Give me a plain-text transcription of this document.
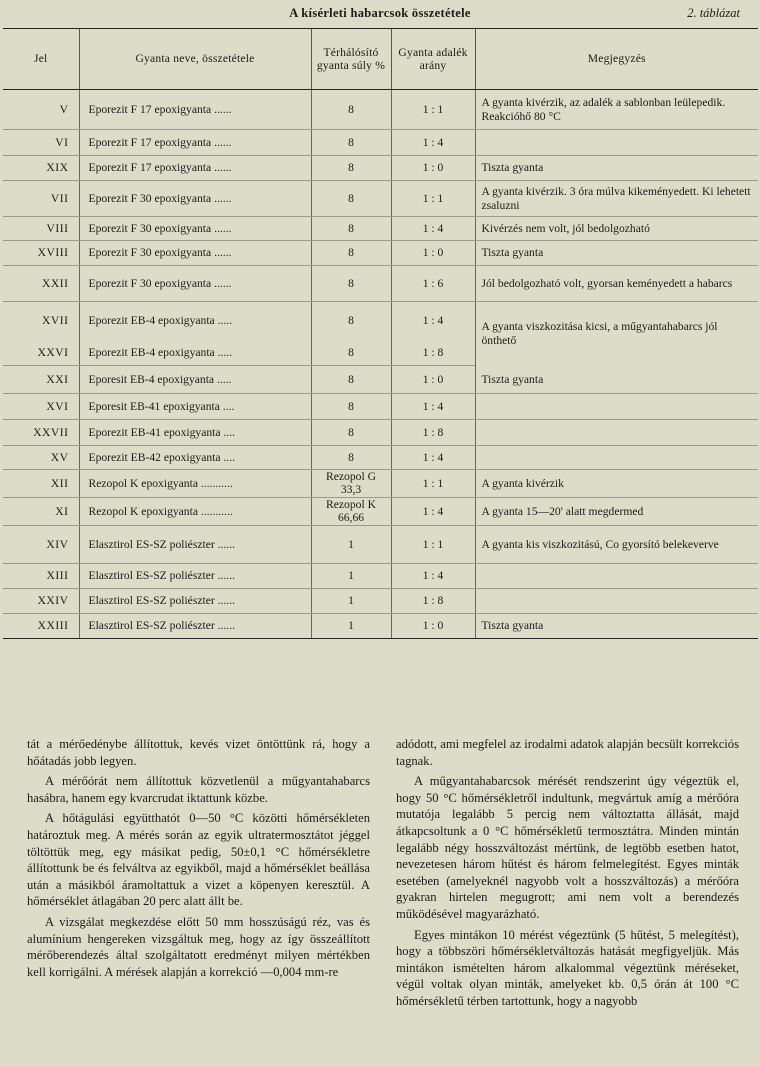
A kísérleti habarcsok összetétele	2. táblázat
Jel	Gyanta neve, összetétele	Térhálósító gyanta súly %	Gyanta adalék arány	Megjegyzés
V	Eporezit F 17 epoxigyanta ......	8	1 : 1	A gyanta kivérzik, az adalék a sablonban leülepedik. Reakcióhő 80 °C
VI	Eporezit F 17 epoxigyanta ......	8	1 : 4	
XIX	Eporezit F 17 epoxigyanta ......	8	1 : 0	Tiszta gyanta
VII	Eporezit F 30 epoxigyanta ......	8	1 : 1	A gyanta kivérzik. 3 óra múlva kikeményedett. Ki lehetett zsaluzni
VIII	Eporezit F 30 epoxigyanta ......	8	1 : 4	Kivérzés nem volt, jól bedolgozható
XVIII	Eporezit F 30 epoxigyanta ......	8	1 : 0	Tiszta gyanta
XXII	Eporezit F 30 epoxigyanta ......	8	1 : 6	Jól bedolgozható volt, gyorsan keményedett a habarcs
XVII	Eporezit EB-4 epoxigyanta .....	8	1 : 4	A gyanta viszkozitása kicsi, a műgyantahabarcs jól önthető
XXVI	Eporezit EB-4 epoxigyanta .....	8	1 : 8	
XXI	Eporesit EB-4 epoxigyanta .....	8	1 : 0	Tiszta gyanta
XVI	Eporesit EB-41 epoxigyanta ....	8	1 : 4	
XXVII	Eporezit EB-41 epoxigyanta ....	8	1 : 8	
XV	Eporezit EB-42 epoxigyanta ....	8	1 : 4	
XII	Rezopol K epoxigyanta ...........	Rezopol G 33,3	1 : 1	A gyanta kivérzik
XI	Rezopol K epoxigyanta ...........	Rezopol K 66,66	1 : 4	A gyanta 15—20' alatt megdermed
XIV	Elasztirol ES-SZ poliészter ......	1	1 : 1	A gyanta kis viszkozitású, Co gyorsító belekeverve
XIII	Elasztirol ES-SZ poliészter ......	1	1 : 4	
XXIV	Elasztirol ES-SZ poliészter ......	1	1 : 8	
XXIII	Elasztirol ES-SZ poliészter ......	1	1 : 0	Tiszta gyanta

tát a mérőedénybe állítottuk, kevés vizet öntöttünk rá, hogy a hőátadás jobb legyen.

A mérőórát nem állítottuk közvetlenül a műgyantahabarcs hasábra, hanem egy kvarcrudat iktattunk közbe.

A hőtágulási együtthatót 0—50 °C közötti hőmérsékleten határoztuk meg. A mérés során az egyik ultratermosztátot jéggel töltöttük meg, egy másikat pedig, 50±0,1 °C hőmérsékletre állítottunk be és felváltva az egyikből, majd a hőmérséklet beállása után a másikból áramoltattuk a vizet a köpenyen keresztül. A hőmérséklet átlagában 20 perc alatt állt be.

A vizsgálat megkezdése előtt 50 mm hosszúságú réz, vas és alumínium hengereken vizsgáltuk meg, hogy az így összeállított mérőberendezés által szolgáltatott eredményt milyen mértékben kell korrigálni. A mérések alapján a korrekció —0,004 mm-re

adódott, ami megfelel az irodalmi adatok alapján becsült korrekciós tagnak.

A műgyantahabarcsok mérését rendszerint úgy végeztük el, hogy 50 °C hőmérsékletről indultunk, megvártuk amíg a mérőóra mutatója legalább 5 percig nem változtatta állását, majd átkapcsoltunk a 0 °C hőmérsékletű termosztátra. Minden mintán legalább négy hosszváltozást mértünk, de legtöbb esetben hatot, nevezetesen három hűtést és három felmelegítést. Egyes minták esetében (amelyeknél nagyobb volt a hosszváltozás) a mérőóra gyakran hirtelen megugrott; ami nem volt a berendezés működésével magyarázható.

Egyes mintákon 10 mérést végeztünk (5 hűtést, 5 melegítést), hogy a többszöri hőmérsékletváltozás hatását megfigyeljük. Más mintákon ismételten három alkalommal végeztünk méréseket, végül voltak olyan minták, amelyeket kb. 0,5 órán át 100 °C hőmérsékletű térben tartottunk, hogy a nagyobb
